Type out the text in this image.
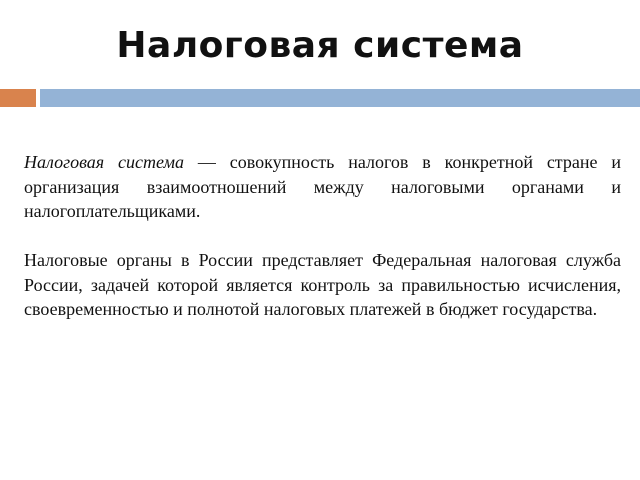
Налоговая система

Налоговая система — совокупность налогов в конкретной стране и организация взаимоотношений между налоговыми органами и налогоплательщиками.

Налоговые органы в России представляет Федеральная налоговая служба России, задачей которой является контроль за правильностью исчисления, своевременностью и полнотой налоговых платежей в бюджет государства.
